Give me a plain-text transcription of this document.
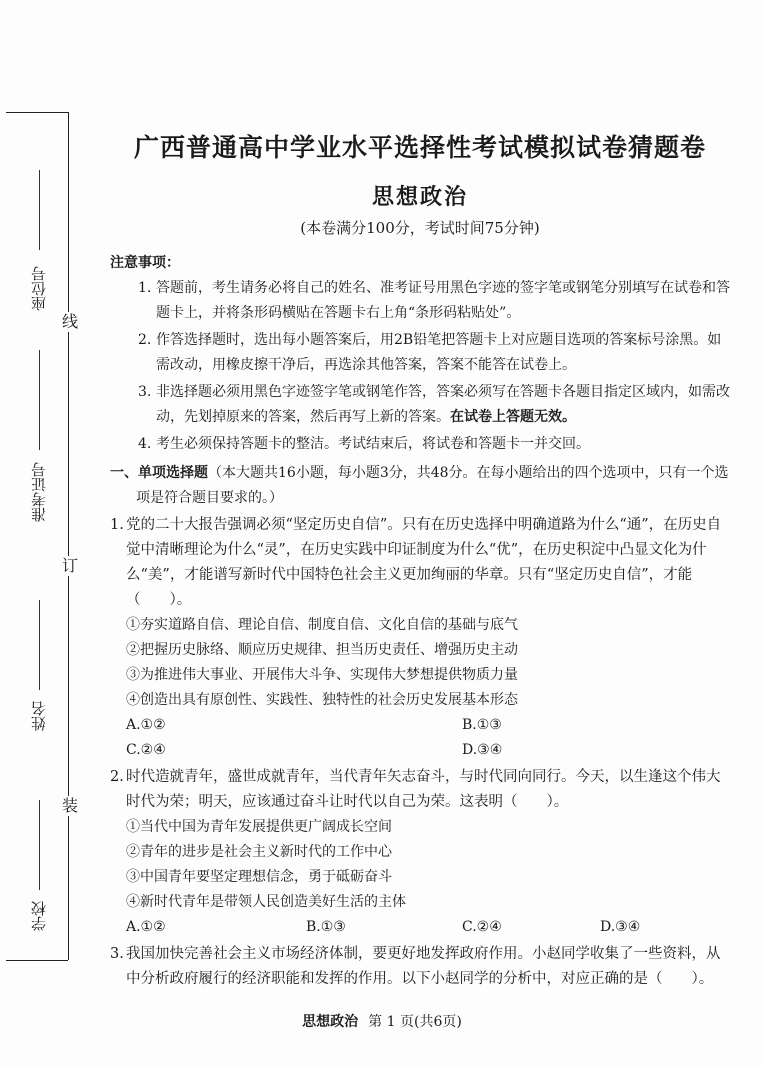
线
订
装
座位号
准考证号
姓名
学校
广西普通高中学业水平选择性考试模拟试卷猜题卷
思想政治
(本卷满分100分，考试时间75分钟)
注意事项：
1. 答题前，考生请务必将自己的姓名、准考证号用黑色字迹的签字笔或钢笔分别填写在试卷和答题卡上，并将条形码横贴在答题卡右上角“条形码粘贴处”。
2. 作答选择题时，选出每小题答案后，用2B铅笔把答题卡上对应题目选项的答案标号涂黑。如需改动，用橡皮擦干净后，再选涂其他答案，答案不能答在试卷上。
3. 非选择题必须用黑色字迹签字笔或钢笔作答，答案必须写在答题卡各题目指定区域内，如需改动，先划掉原来的答案，然后再写上新的答案。在试卷上答题无效。
4. 考生必须保持答题卡的整洁。考试结束后，将试卷和答题卡一并交回。
一、单项选择题（本大题共16小题，每小题3分，共48分。在每小题给出的四个选项中，只有一个选项是符合题目要求的。）
1. 党的二十大报告强调必须“坚定历史自信”。只有在历史选择中明确道路为什么“通”，在历史自觉中清晰理论为什么“灵”，在历史实践中印证制度为什么“优”，在历史积淀中凸显文化为什么“美”，才能谱写新时代中国特色社会主义更加绚丽的华章。只有“坚定历史自信”，才能（　　）。
①夯实道路自信、理论自信、制度自信、文化自信的基础与底气
②把握历史脉络、顺应历史规律、担当历史责任、增强历史主动
③为推进伟大事业、开展伟大斗争、实现伟大梦想提供物质力量
④创造出具有原创性、实践性、独特性的社会历史发展基本形态
A.①②	B.①③
C.②④	D.③④
2. 时代造就青年，盛世成就青年，当代青年矢志奋斗，与时代同向同行。今天，以生逢这个伟大时代为荣；明天，应该通过奋斗让时代以自己为荣。这表明（　　）。
①当代中国为青年发展提供更广阔成长空间
②青年的进步是社会主义新时代的工作中心
③中国青年要坚定理想信念，勇于砥砺奋斗
④新时代青年是带领人民创造美好生活的主体
A.①②	B.①③	C.②④	D.③④
3. 我国加快完善社会主义市场经济体制，要更好地发挥政府作用。小赵同学收集了一些资料，从中分析政府履行的经济职能和发挥的作用。以下小赵同学的分析中，对应正确的是（　　）。
思想政治 第 1 页(共6页)
